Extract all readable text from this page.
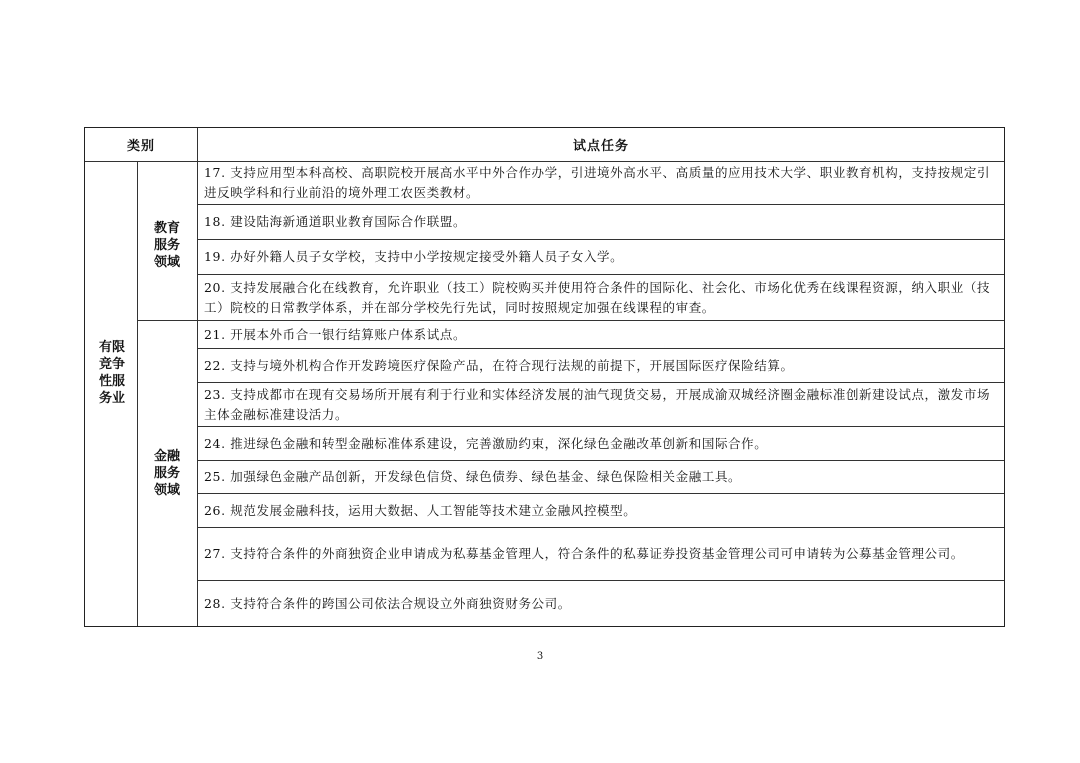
类别	试点任务
有限竞争性服务业
教育服务领域
金融服务领域
17. 支持应用型本科高校、高职院校开展高水平中外合作办学，引进境外高水平、高质量的应用技术大学、职业教育机构，支持按规定引进反映学科和行业前沿的境外理工农医类教材。
18. 建设陆海新通道职业教育国际合作联盟。
19. 办好外籍人员子女学校，支持中小学按规定接受外籍人员子女入学。
20. 支持发展融合化在线教育，允许职业（技工）院校购买并使用符合条件的国际化、社会化、市场化优秀在线课程资源，纳入职业（技工）院校的日常教学体系，并在部分学校先行先试，同时按照规定加强在线课程的审查。
21. 开展本外币合一银行结算账户体系试点。
22. 支持与境外机构合作开发跨境医疗保险产品，在符合现行法规的前提下，开展国际医疗保险结算。
23. 支持成都市在现有交易场所开展有利于行业和实体经济发展的油气现货交易，开展成渝双城经济圈金融标准创新建设试点，激发市场主体金融标准建设活力。
24. 推进绿色金融和转型金融标准体系建设，完善激励约束，深化绿色金融改革创新和国际合作。
25. 加强绿色金融产品创新，开发绿色信贷、绿色债券、绿色基金、绿色保险相关金融工具。
26. 规范发展金融科技，运用大数据、人工智能等技术建立金融风控模型。
27. 支持符合条件的外商独资企业申请成为私募基金管理人，符合条件的私募证券投资基金管理公司可申请转为公募基金管理公司。
28. 支持符合条件的跨国公司依法合规设立外商独资财务公司。
3
